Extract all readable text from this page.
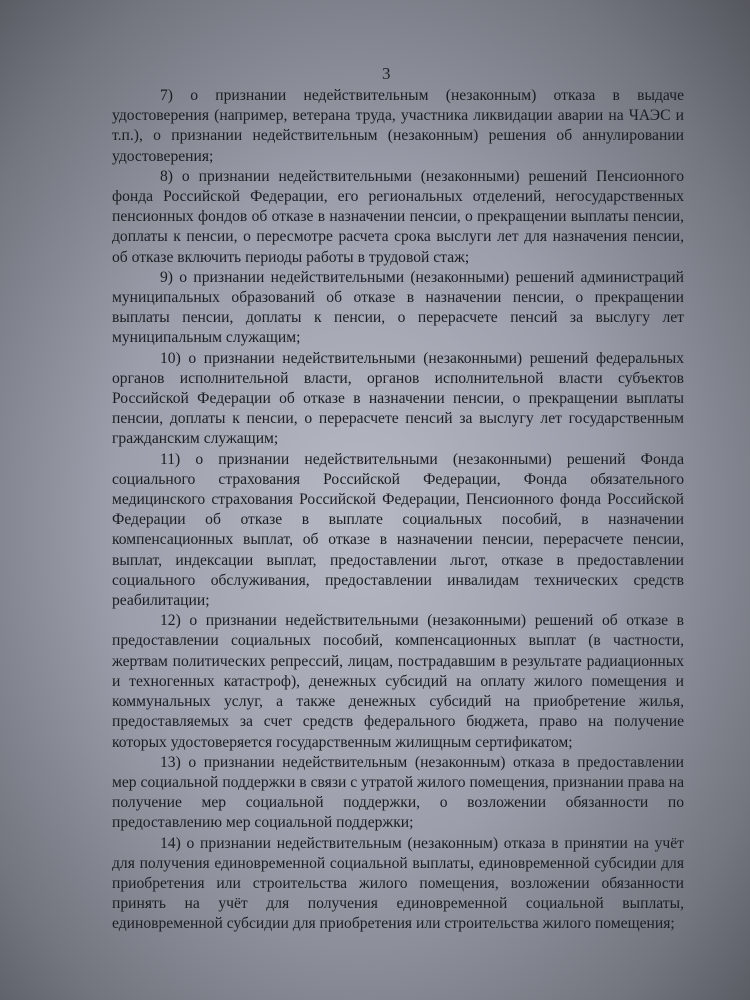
3

7) о признании недействительным (незаконным) отказа в выдаче удостоверения (например, ветерана труда, участника ликвидации аварии на ЧАЭС и т.п.), о признании недействительным (незаконным) решения об аннулировании удостоверения;

8) о признании недействительными (незаконными) решений Пенсионного фонда Российской Федерации, его региональных отделений, негосударственных пенсионных фондов об отказе в назначении пенсии, о прекращении выплаты пенсии, доплаты к пенсии, о пересмотре расчета срока выслуги лет для назначения пенсии, об отказе включить периоды работы в трудовой стаж;

9) о признании недействительными (незаконными) решений администраций муниципальных образований об отказе в назначении пенсии, о прекращении выплаты пенсии, доплаты к пенсии, о перерасчете пенсий за выслугу лет муниципальным служащим;

10) о признании недействительными (незаконными) решений федеральных органов исполнительной власти, органов исполнительной власти субъектов Российской Федерации об отказе в назначении пенсии, о прекращении выплаты пенсии, доплаты к пенсии, о перерасчете пенсий за выслугу лет государственным гражданским служащим;

11) о признании недействительными (незаконными) решений Фонда социального страхования Российской Федерации, Фонда обязательного медицинского страхования Российской Федерации, Пенсионного фонда Российской Федерации об отказе в выплате социальных пособий, в назначении компенсационных выплат, об отказе в назначении пенсии, перерасчете пенсии, выплат, индексации выплат, предоставлении льгот, отказе в предоставлении социального обслуживания, предоставлении инвалидам технических средств реабилитации;

12) о признании недействительными (незаконными) решений об отказе в предоставлении социальных пособий, компенсационных выплат (в частности, жертвам политических репрессий, лицам, пострадавшим в результате радиационных и техногенных катастроф), денежных субсидий на оплату жилого помещения и коммунальных услуг, а также денежных субсидий на приобретение жилья, предоставляемых за счет средств федерального бюджета, право на получение которых удостоверяется государственным жилищным сертификатом;

13) о признании недействительным (незаконным) отказа в предоставлении мер социальной поддержки в связи с утратой жилого помещения, признании права на получение мер социальной поддержки, о возложении обязанности по предоставлению мер социальной поддержки;

14) о признании недействительным (незаконным) отказа в принятии на учёт для получения единовременной социальной выплаты, единовременной субсидии для приобретения или строительства жилого помещения, возложении обязанности принять на учёт для получения единовременной социальной выплаты, единовременной субсидии для приобретения или строительства жилого помещения;
